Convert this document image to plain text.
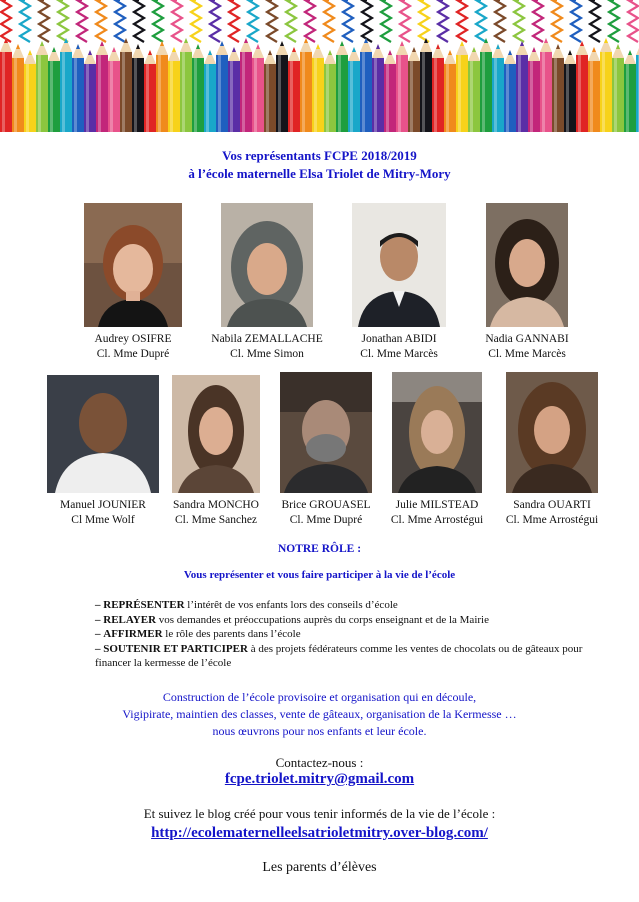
Vos représentants FCPE 2018/2019
à l’école maternelle Elsa Triolet de Mitry-Mory
Audrey OSIFRE
Cl. Mme Dupré
Nabila ZEMALLACHE
Cl. Mme Simon
Jonathan ABIDI
Cl. Mme Marcès
Nadia GANNABI
Cl. Mme Marcès
Manuel JOUNIER
Cl Mme Wolf
Sandra MONCHO
Cl. Mme Sanchez
Brice GROUASEL
Cl. Mme Dupré
Julie MILSTEAD
Cl. Mme Arrostégui
Sandra OUARTI
Cl. Mme Arrostégui
NOTRE RÔLE :
Vous représenter et vous faire participer à la vie de l’école
– REPRÉSENTER l’intérêt de vos enfants lors des conseils d’école
– RELAYER vos demandes et préoccupations auprès du corps enseignant et de la Mairie
– AFFIRMER le rôle des parents dans l’école
– SOUTENIR ET PARTICIPER à des projets fédérateurs comme les ventes de chocolats ou de gâteaux pour financer la kermesse de l’école
Construction de l’école provisoire et organisation qui en découle,
Vigipirate, maintien des classes, vente de gâteaux, organisation de la Kermesse …
nous œuvrons pour nos enfants et leur école.
Contactez-nous :
fcpe.triolet.mitry@gmail.com
Et suivez le blog créé pour vous tenir informés de la vie de l’école :
http://ecolematernelleelsatrioletmitry.over-blog.com/
Les parents d’élèves
